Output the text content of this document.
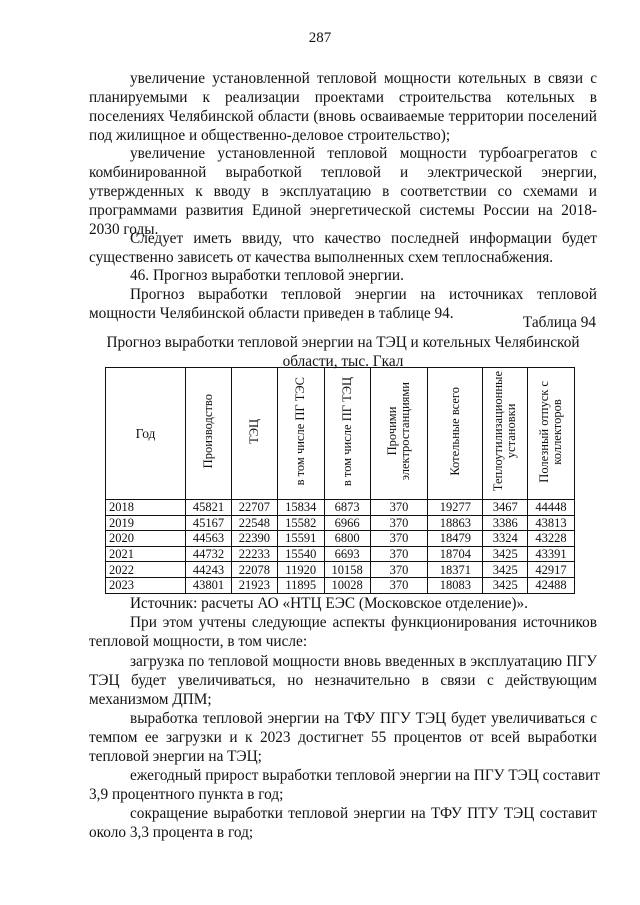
287
увеличение установленной тепловой мощности котельных в связи с
планируемыми к реализации проектами строительства котельных в
поселениях Челябинской области (вновь осваиваемые территории поселений
под жилищное и общественно-деловое строительство);
увеличение установленной тепловой мощности турбоагрегатов с
комбинированной выработкой тепловой и электрической энергии,
утвержденных к вводу в эксплуатацию в соответствии со схемами и
программами развития Единой энергетической системы России на 2018-
2030 годы.
Следует иметь ввиду, что качество последней информации будет
существенно зависеть от качества выполненных схем теплоснабжения.
46. Прогноз выработки тепловой энергии.
Прогноз выработки тепловой энергии на источниках тепловой
мощности Челябинской области приведен в таблице 94.
Таблица 94
Прогноз выработки тепловой энергии на ТЭЦ и котельных Челябинской
области, тыс. Гкал
Год	Производство	ТЭЦ	в том числе ПГ ТЭС	в том числе ПГ ТЭЦ	Прочими
электростанциями	Котельные всего	Теплоутилизационные
установки	Полезный отпуск с
коллекторов
2018	45821	22707	15834	6873	370	19277	3467	44448
2019	45167	22548	15582	6966	370	18863	3386	43813
2020	44563	22390	15591	6800	370	18479	3324	43228
2021	44732	22233	15540	6693	370	18704	3425	43391
2022	44243	22078	11920	10158	370	18371	3425	42917
2023	43801	21923	11895	10028	370	18083	3425	42488
Источник: расчеты АО «НТЦ ЕЭС (Московское отделение)».
При этом учтены следующие аспекты функционирования источников
тепловой мощности, в том числе:
загрузка по тепловой мощности вновь введенных в эксплуатацию ПГУ
ТЭЦ будет увеличиваться, но незначительно в связи с действующим
механизмом ДПМ;
выработка тепловой энергии на ТФУ ПГУ ТЭЦ будет увеличиваться с
темпом ее загрузки и к 2023 достигнет 55 процентов от всей выработки
тепловой энергии на ТЭЦ;
ежегодный прирост выработки тепловой энергии на ПГУ ТЭЦ составит
3,9 процентного пункта в год;
сокращение выработки тепловой энергии на ТФУ ПТУ ТЭЦ составит
около 3,3 процента в год;
